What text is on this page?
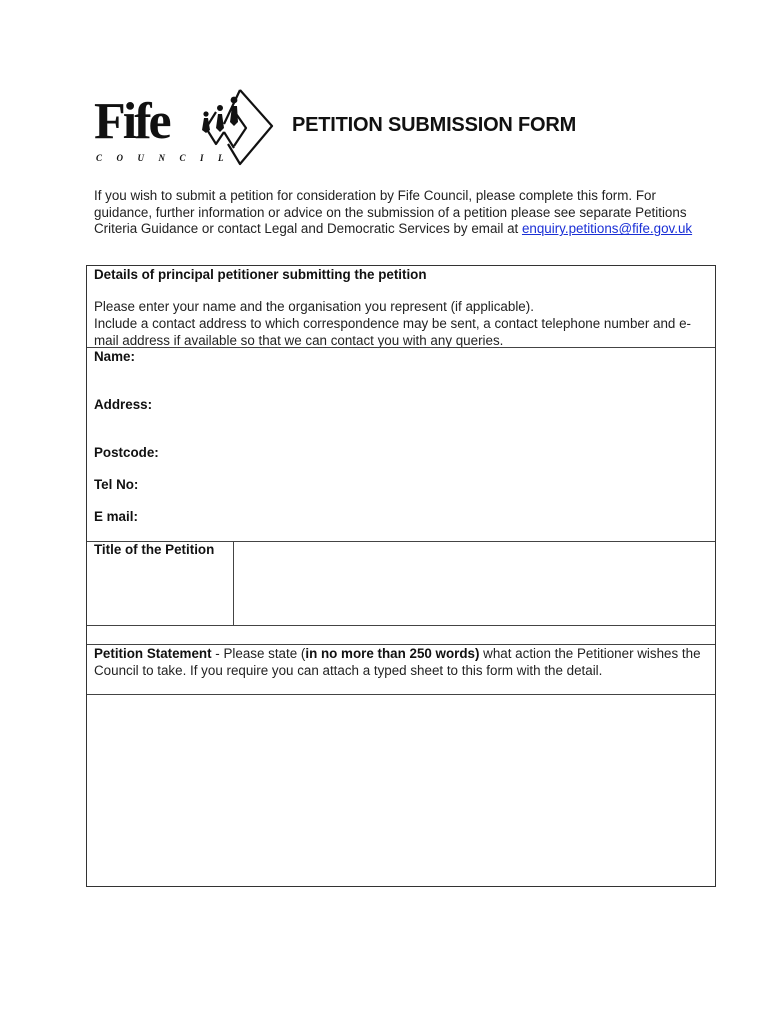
Fife
COUNCIL
PETITION SUBMISSION FORM

If you wish to submit a petition for consideration by Fife Council, please complete this form. For guidance, further information or advice on the submission of a petition please see separate Petitions Criteria Guidance or contact Legal and Democratic Services by email at enquiry.petitions@fife.gov.uk

Details of principal petitioner submitting the petition
Please enter your name and the organisation you represent (if applicable).
Include a contact address to which correspondence may be sent, a contact telephone number and e-mail address if available so that we can contact you with any queries.
Name:
Address:
Postcode:
Tel No:
E mail:
Title of the Petition
Petition Statement - Please state (in no more than 250 words) what action the Petitioner wishes the Council to take. If you require you can attach a typed sheet to this form with the detail.
